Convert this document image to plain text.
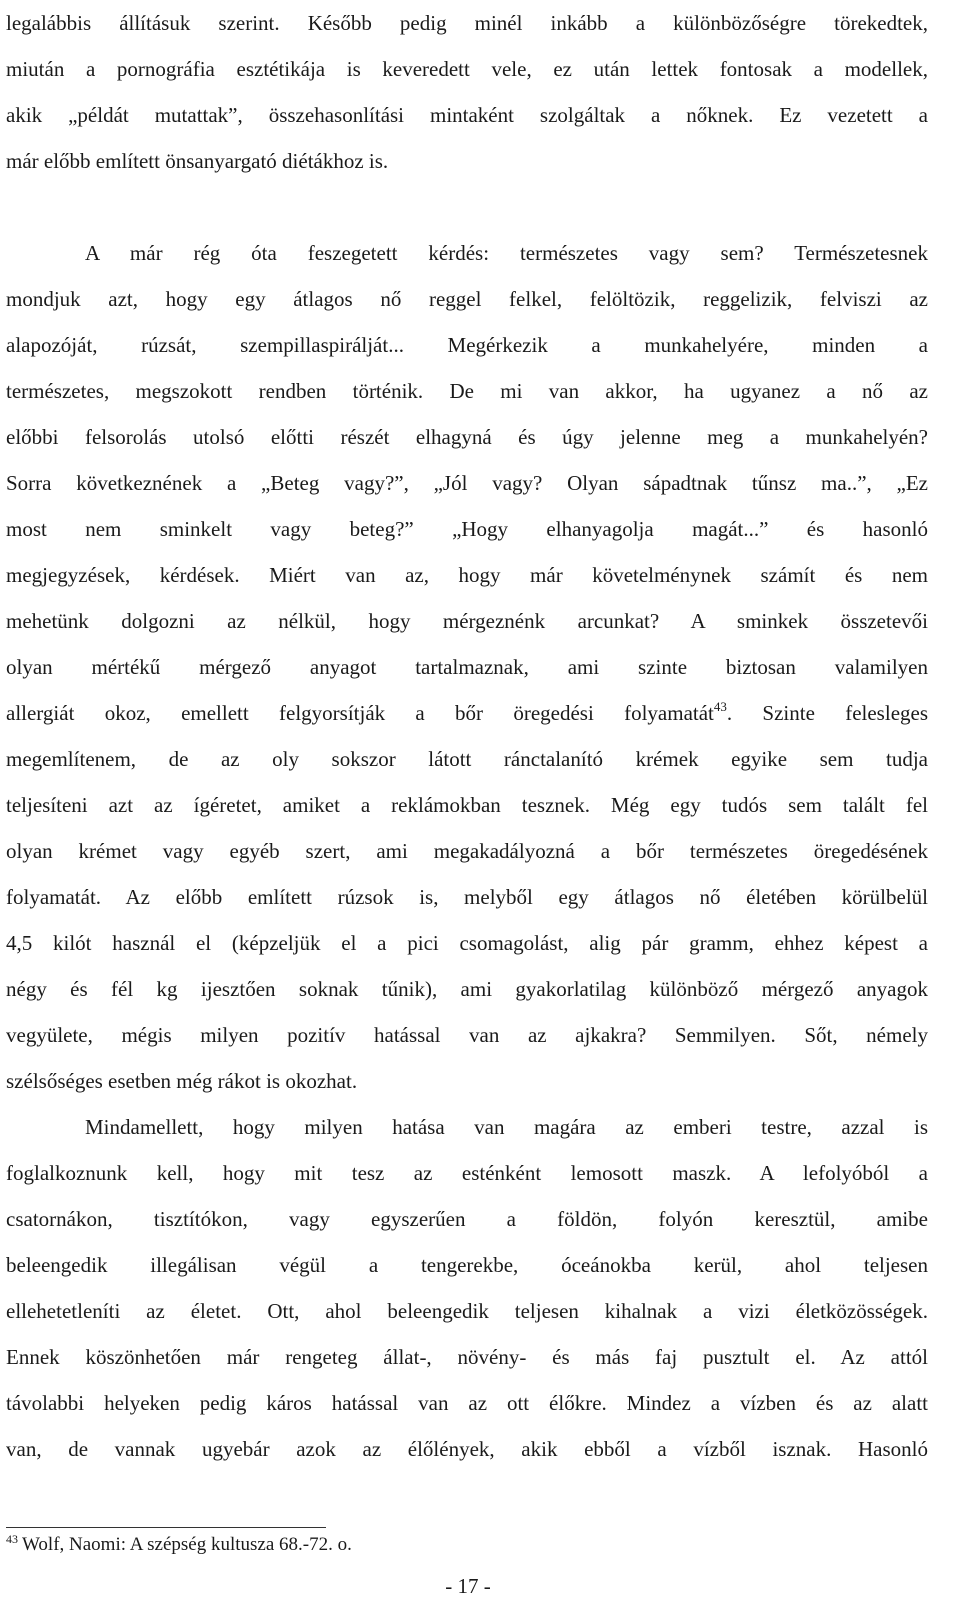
legalábbis állításuk szerint. Később pedig minél inkább a különbözőségre törekedtek,
miután a pornográfia esztétikája is keveredett vele, ez után lettek fontosak a modellek,
akik „példát mutattak”, összehasonlítási mintaként szolgáltak a nőknek. Ez vezetett a
már előbb említett önsanyargató diétákhoz is.
A már rég óta feszegetett kérdés: természetes vagy sem? Természetesnek
mondjuk azt, hogy egy átlagos nő reggel felkel, felöltözik, reggelizik, felviszi az
alapozóját, rúzsát, szempillaspirálját... Megérkezik a munkahelyére, minden a
természetes, megszokott rendben történik. De mi van akkor, ha ugyanez a nő az
előbbi felsorolás utolsó előtti részét elhagyná és úgy jelenne meg a munkahelyén?
Sorra következnének a „Beteg vagy?”, „Jól vagy? Olyan sápadtnak tűnsz ma..”, „Ez
most nem sminkelt vagy beteg?” „Hogy elhanyagolja magát...” és hasonló
megjegyzések, kérdések. Miért van az, hogy már követelménynek számít és nem
mehetünk dolgozni az nélkül, hogy mérgeznénk arcunkat? A sminkek összetevői
olyan mértékű mérgező anyagot tartalmaznak, ami szinte biztosan valamilyen
allergiát okoz, emellett felgyorsítják a bőr öregedési folyamatát$^{43}$. Szinte felesleges
megemlítenem, de az oly sokszor látott ránctalanító krémek egyike sem tudja
teljesíteni azt az ígéretet, amiket a reklámokban tesznek. Még egy tudós sem talált fel
olyan krémet vagy egyéb szert, ami megakadályozná a bőr természetes öregedésének
folyamatát. Az előbb említett rúzsok is, melyből egy átlagos nő életében körülbelül
4,5 kilót használ el (képzeljük el a pici csomagolást, alig pár gramm, ehhez képest a
négy és fél kg ijesztően soknak tűnik), ami gyakorlatilag különböző mérgező anyagok
vegyülete, mégis milyen pozitív hatással van az ajkakra? Semmilyen. Sőt, némely
szélsőséges esetben még rákot is okozhat.
Mindamellett, hogy milyen hatása van magára az emberi testre, azzal is
foglalkoznunk kell, hogy mit tesz az esténként lemosott maszk. A lefolyóból a
csatornákon, tisztítókon, vagy egyszerűen a földön, folyón keresztül, amibe
beleengedik illegálisan végül a tengerekbe, óceánokba kerül, ahol teljesen
ellehetetleníti az életet. Ott, ahol beleengedik teljesen kihalnak a vizi életközösségek.
Ennek köszönhetően már rengeteg állat-, növény- és más faj pusztult el. Az attól
távolabbi helyeken pedig káros hatással van az ott élőkre. Mindez a vízben és az alatt
van, de vannak ugyebár azok az élőlények, akik ebből a vízből isznak. Hasonló
$^{43}$ Wolf, Naomi: A szépség kultusza 68.-72. o.
- 17 -
